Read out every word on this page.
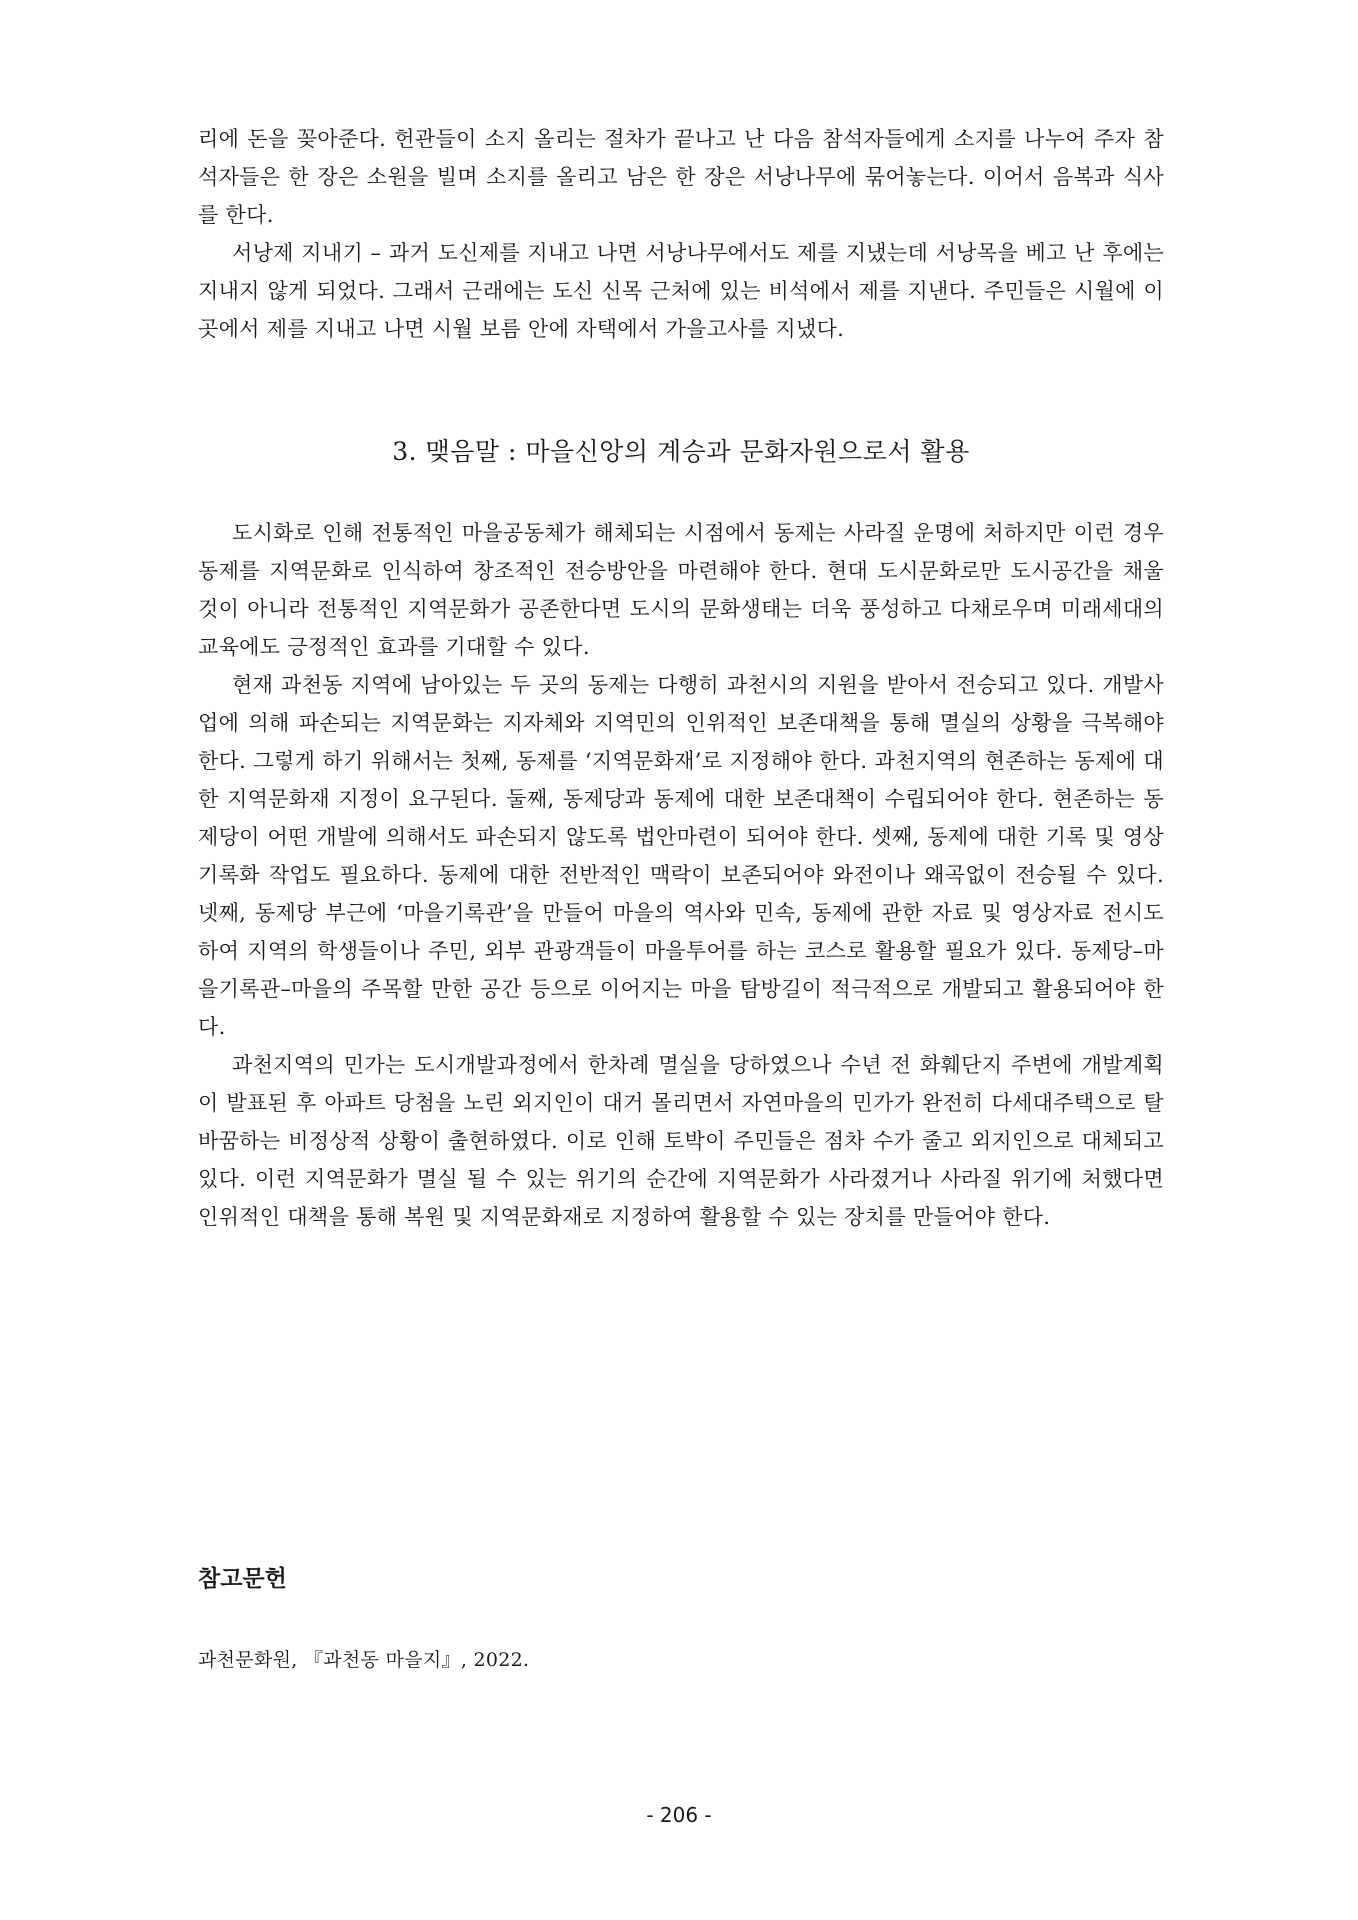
리에 돈을 꽂아준다. 헌관들이 소지 올리는 절차가 끝나고 난 다음 참석자들에게 소지를 나누어 주자 참석자들은 한 장은 소원을 빌며 소지를 올리고 남은 한 장은 서낭나무에 묶어놓는다. 이어서 음복과 식사를 한다.

서낭제 지내기 – 과거 도신제를 지내고 나면 서낭나무에서도 제를 지냈는데 서낭목을 베고 난 후에는 지내지 않게 되었다. 그래서 근래에는 도신 신목 근처에 있는 비석에서 제를 지낸다. 주민들은 시월에 이곳에서 제를 지내고 나면 시월 보름 안에 자택에서 가을고사를 지냈다.

3. 맺음말 : 마을신앙의 계승과 문화자원으로서 활용

도시화로 인해 전통적인 마을공동체가 해체되는 시점에서 동제는 사라질 운명에 처하지만 이런 경우 동제를 지역문화로 인식하여 창조적인 전승방안을 마련해야 한다. 현대 도시문화로만 도시공간을 채울 것이 아니라 전통적인 지역문화가 공존한다면 도시의 문화생태는 더욱 풍성하고 다채로우며 미래세대의 교육에도 긍정적인 효과를 기대할 수 있다.

현재 과천동 지역에 남아있는 두 곳의 동제는 다행히 과천시의 지원을 받아서 전승되고 있다. 개발사업에 의해 파손되는 지역문화는 지자체와 지역민의 인위적인 보존대책을 통해 멸실의 상황을 극복해야 한다. 그렇게 하기 위해서는 첫째, 동제를 ‘지역문화재’로 지정해야 한다. 과천지역의 현존하는 동제에 대한 지역문화재 지정이 요구된다. 둘째, 동제당과 동제에 대한 보존대책이 수립되어야 한다. 현존하는 동제당이 어떤 개발에 의해서도 파손되지 않도록 법안마련이 되어야 한다. 셋째, 동제에 대한 기록 및 영상기록화 작업도 필요하다. 동제에 대한 전반적인 맥락이 보존되어야 와전이나 왜곡없이 전승될 수 있다. 넷째, 동제당 부근에 ‘마을기록관’을 만들어 마을의 역사와 민속, 동제에 관한 자료 및 영상자료 전시도 하여 지역의 학생들이나 주민, 외부 관광객들이 마을투어를 하는 코스로 활용할 필요가 있다. 동제당–마을기록관–마을의 주목할 만한 공간 등으로 이어지는 마을 탐방길이 적극적으로 개발되고 활용되어야 한다.

과천지역의 민가는 도시개발과정에서 한차례 멸실을 당하였으나 수년 전 화훼단지 주변에 개발계획이 발표된 후 아파트 당첨을 노린 외지인이 대거 몰리면서 자연마을의 민가가 완전히 다세대주택으로 탈바꿈하는 비정상적 상황이 출현하였다. 이로 인해 토박이 주민들은 점차 수가 줄고 외지인으로 대체되고 있다. 이런 지역문화가 멸실 될 수 있는 위기의 순간에 지역문화가 사라졌거나 사라질 위기에 처했다면 인위적인 대책을 통해 복원 및 지역문화재로 지정하여 활용할 수 있는 장치를 만들어야 한다.

참고문헌

과천문화원, 『과천동 마을지』, 2022.

- 206 -
